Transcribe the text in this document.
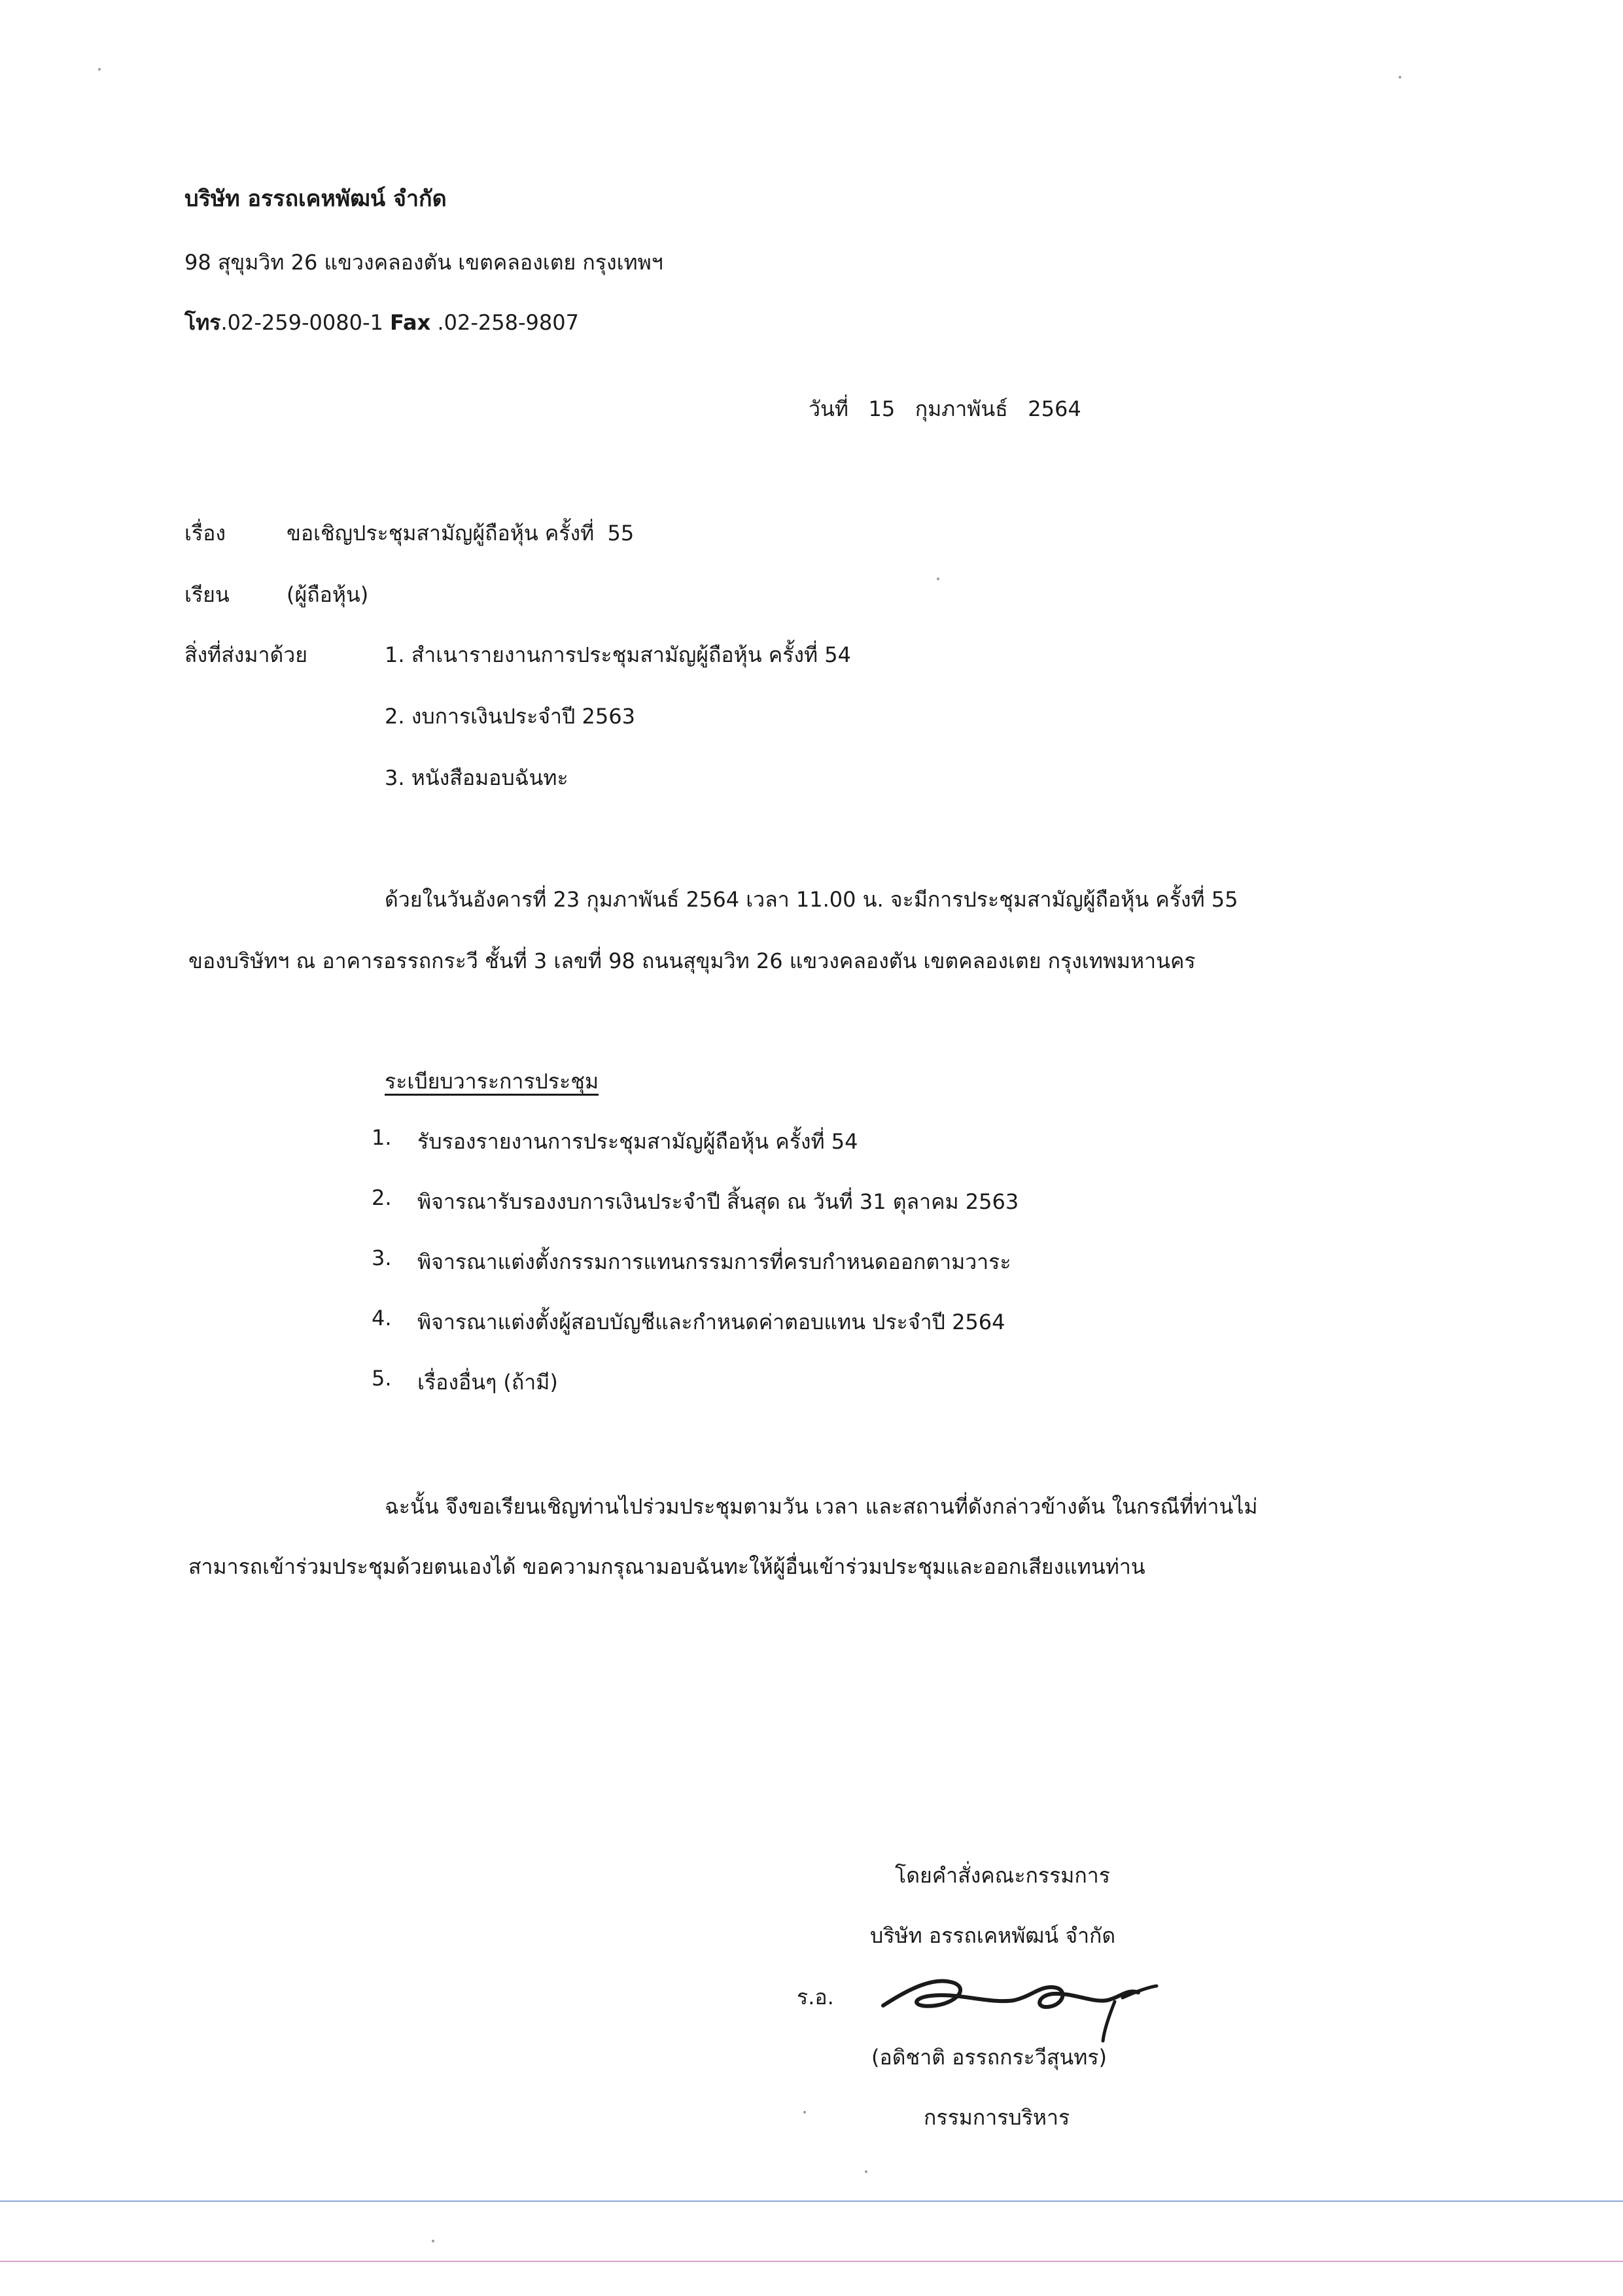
บริษัท อรรถเคหพัฒน์ จำกัด
98 สุขุมวิท 26 แขวงคลองตัน เขตคลองเตย กรุงเทพฯ
โทร.02-259-0080-1 Fax .02-258-9807
วันที่ 15 กุมภาพันธ์ 2564
เรื่อง	ขอเชิญประชุมสามัญผู้ถือหุ้น ครั้งที่ 55
เรียน	(ผู้ถือหุ้น)
สิ่งที่ส่งมาด้วย	1. สำเนารายงานการประชุมสามัญผู้ถือหุ้น ครั้งที่ 54
2. งบการเงินประจำปี 2563
3. หนังสือมอบฉันทะ
ด้วยในวันอังคารที่ 23 กุมภาพันธ์ 2564 เวลา 11.00 น. จะมีการประชุมสามัญผู้ถือหุ้น ครั้งที่ 55
ของบริษัทฯ ณ อาคารอรรถกระวี ชั้นที่ 3 เลขที่ 98 ถนนสุขุมวิท 26 แขวงคลองตัน เขตคลองเตย กรุงเทพมหานคร
ระเบียบวาระการประชุม
1. รับรองรายงานการประชุมสามัญผู้ถือหุ้น ครั้งที่ 54
2. พิจารณารับรองงบการเงินประจำปี สิ้นสุด ณ วันที่ 31 ตุลาคม 2563
3. พิจารณาแต่งตั้งกรรมการแทนกรรมการที่ครบกำหนดออกตามวาระ
4. พิจารณาแต่งตั้งผู้สอบบัญชีและกำหนดค่าตอบแทน ประจำปี 2564
5. เรื่องอื่นๆ (ถ้ามี)
ฉะนั้น จึงขอเรียนเชิญท่านไปร่วมประชุมตามวัน เวลา และสถานที่ดังกล่าวข้างต้น ในกรณีที่ท่านไม่
สามารถเข้าร่วมประชุมด้วยตนเองได้ ขอความกรุณามอบฉันทะให้ผู้อื่นเข้าร่วมประชุมและออกเสียงแทนท่าน
โดยคำสั่งคณะกรรมการ
บริษัท อรรถเคหพัฒน์ จำกัด
ร.อ.
(อดิชาติ อรรถกระวีสุนทร)
กรรมการบริหาร
